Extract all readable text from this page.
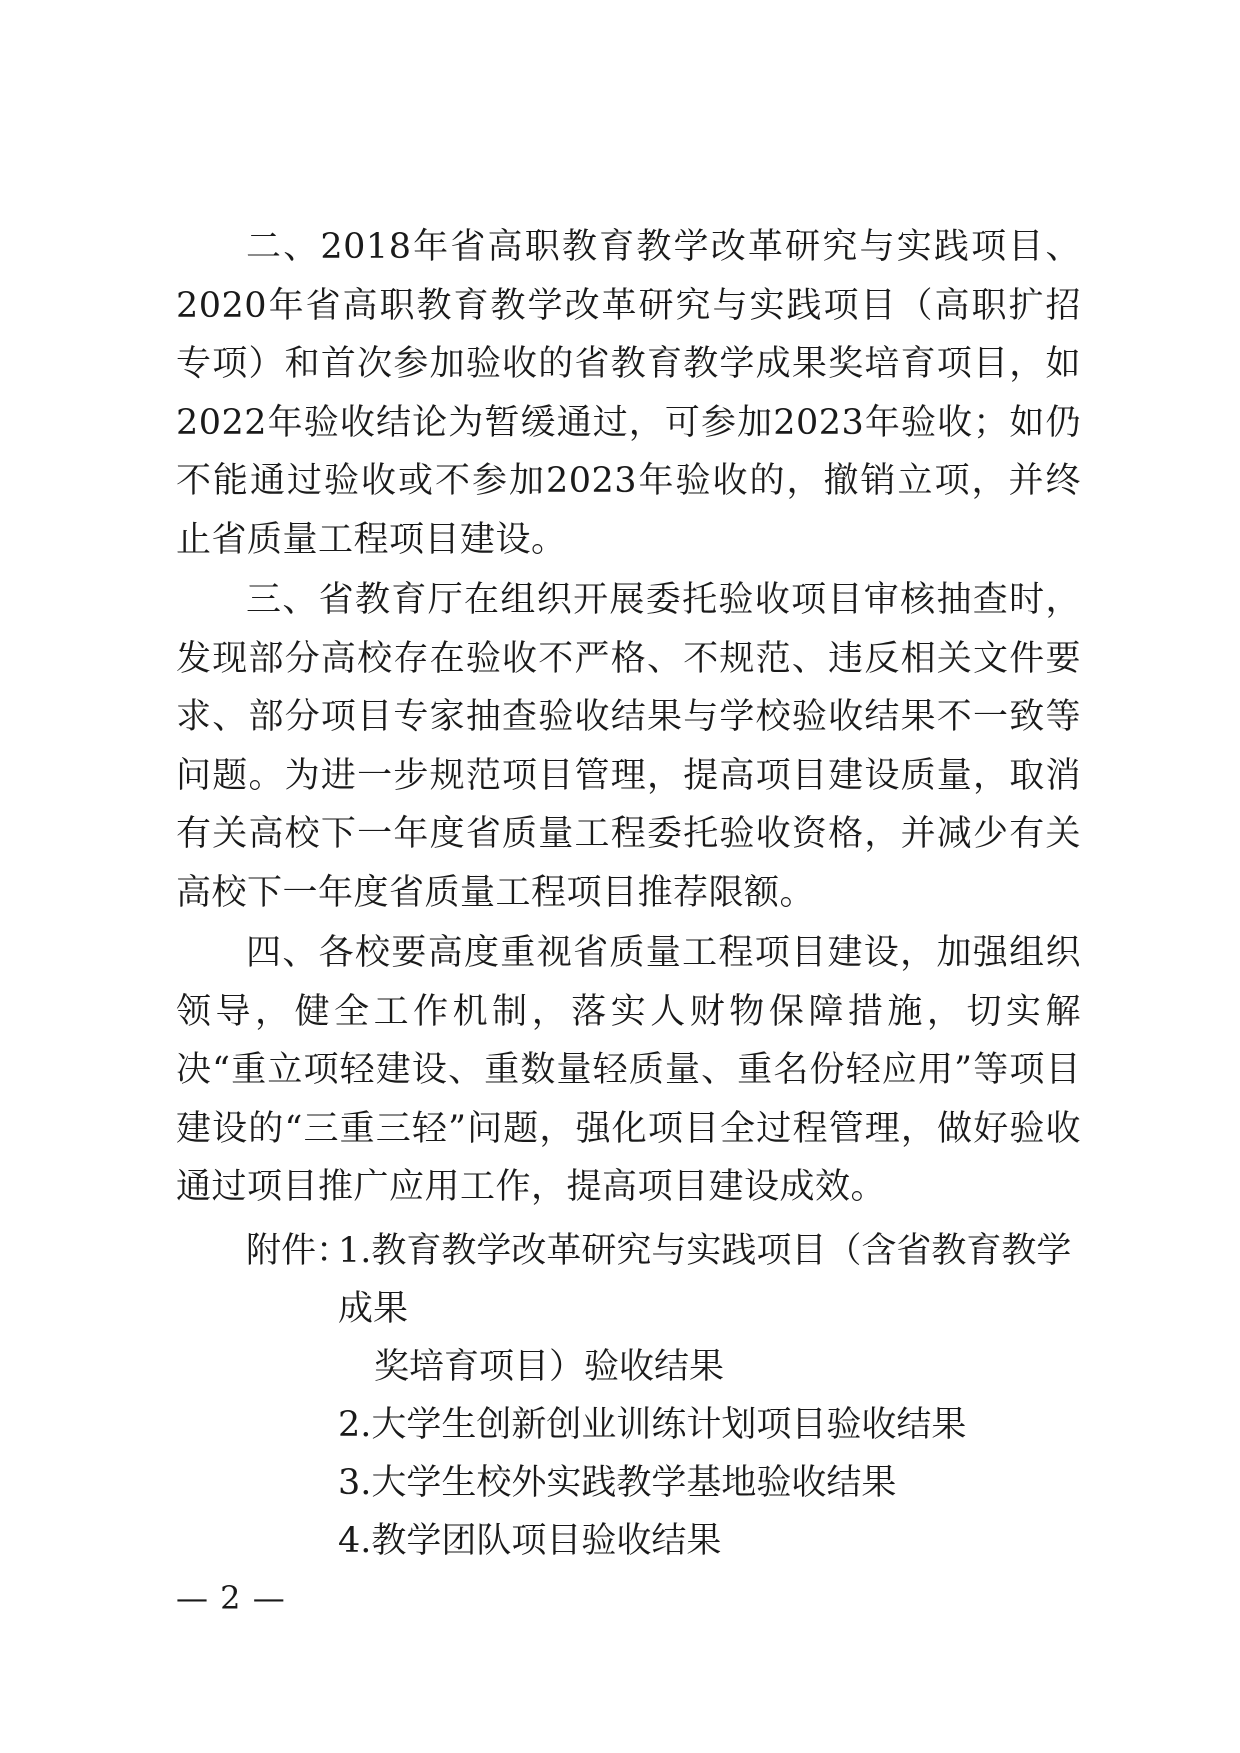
二、2018年省高职教育教学改革研究与实践项目、2020年省高职教育教学改革研究与实践项目（高职扩招专项）和首次参加验收的省教育教学成果奖培育项目，如2022年验收结论为暂缓通过，可参加2023年验收；如仍不能通过验收或不参加2023年验收的，撤销立项，并终止省质量工程项目建设。

三、省教育厅在组织开展委托验收项目审核抽查时，发现部分高校存在验收不严格、不规范、违反相关文件要求、部分项目专家抽查验收结果与学校验收结果不一致等问题。为进一步规范项目管理，提高项目建设质量，取消有关高校下一年度省质量工程委托验收资格，并减少有关高校下一年度省质量工程项目推荐限额。

四、各校要高度重视省质量工程项目建设，加强组织领导，健全工作机制，落实人财物保障措施，切实解决“重立项轻建设、重数量轻质量、重名份轻应用”等项目建设的“三重三轻”问题，强化项目全过程管理，做好验收通过项目推广应用工作，提高项目建设成效。

附件：

1.教育教学改革研究与实践项目（含省教育教学成果
奖培育项目）验收结果

2.大学生创新创业训练计划项目验收结果

3.大学生校外实践教学基地验收结果

4.教学团队项目验收结果

— 2 —
